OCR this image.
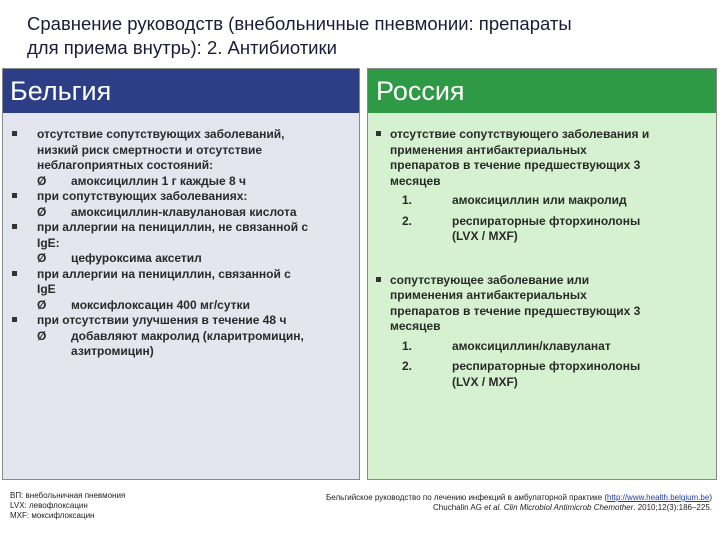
Сравнение руководств (внебольничные пневмонии: препараты
для приема внутрь): 2. Антибиотики
Бельгия
отсутствие сопутствующих заболеваний,
низкий риск смертности и отсутствие
неблагоприятных состояний:
Ø	амоксициллин 1 г каждые 8 ч
при сопутствующих заболеваниях:
Ø	амоксициллин-клавулановая кислота
при аллергии на пенициллин, не связанной с
IgE:
Ø	цефуроксима аксетил
при аллергии на пенициллин, связанной с
IgE
Ø	моксифлоксацин 400 мг/сутки
при отсутствии улучшения в течение 48 ч
Ø	добавляют макролид (кларитромицин,
азитромицин)
Россия
отсутствие сопутствующего заболевания и
применения антибактериальных
препаратов в течение предшествующих 3
месяцев
1.	амоксициллин или макролид
2.	респираторные фторхинолоны
(LVX / MXF)
сопутствующее заболевание или
применения антибактериальных
препаратов в течение предшествующих 3
месяцев
1.	амоксициллин/клавуланат
2.	респираторные фторхинолоны
(LVX / MXF)
ВП: внебольничная пневмония
LVX: левофлоксацин
MXF: моксифлоксацин
Бельгийское руководство по лечению инфекций в амбулаторной практике (http://www.health.belgium.be)
Chuchalin AG et al. Clin Microbiol Antimicrob Chemother. 2010;12(3):186–225.
